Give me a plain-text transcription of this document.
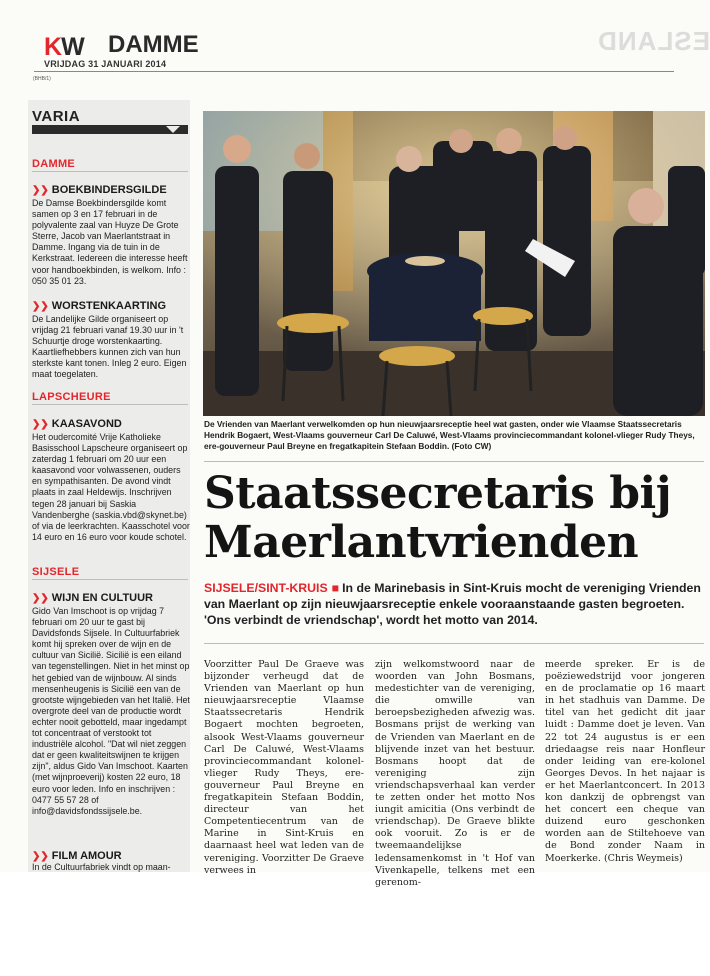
ESLAND
KW DAMME
VRIJDAG 31 JANUARI 2014
(BHB/1)
VARIA
DAMME
❯❯ BOEKBINDERSGILDE
De Damse Boekbindersgilde komt samen op 3 en 17 februari in de polyvalente zaal van Huyze De Grote Sterre, Jacob van Maerlantstraat in Damme. Ingang via de tuin in de Kerkstraat. Iedereen die interesse heeft voor handboekbinden, is welkom. Info : 050 35 01 23.
❯❯ WORSTENKAARTING
De Landelijke Gilde organiseert op vrijdag 21 februari vanaf 19.30 uur in 't Schuurtje droge worstenkaarting. Kaartliefhebbers kunnen zich van hun sterkste kant tonen. Inleg 2 euro. Eigen maat toegelaten.
LAPSCHEURE
❯❯ KAASAVOND
Het oudercomité Vrije Katholieke Basisschool Lapscheure organiseert op zaterdag 1 februari om 20 uur een kaasavond voor volwassenen, ouders en sympathisanten. De avond vindt plaats in zaal Heldewijs. Inschrijven tegen 28 januari bij Saskia Vandenberghe (saskia.vbd@skynet.be) of via de leerkrachten. Kaasschotel voor 14 euro en 16 euro voor koude schotel.
SIJSELE
❯❯ WIJN EN CULTUUR
Gido Van Imschoot is op vrijdag 7 februari om 20 uur te gast bij Davidsfonds Sijsele. In Cultuurfabriek komt hij spreken over de wijn en de cultuur van Sicilië. Sicilië is een eiland van tegenstellingen. Niet in het minst op het gebied van de wijnbouw. Al sinds mensenheugenis is Sicilië een van de grootste wijngebieden van het Italië. Het overgrote deel van de productie wordt echter nooit gebotteld, maar ingedampt tot concentraat of verstookt tot industriële alcohol. "Dat wil niet zeggen dat er geen kwaliteitswijnen te krijgen zijn", aldus Gido Van Imschoot. Kaarten (met wijnproeverij) kosten 22 euro, 18 euro voor leden. Info en inschrijven : 0477 55 57 28 of info@davidsfondssijsele.be.
❯❯ FILM AMOUR
In de Cultuurfabriek vindt op maan-
De Vrienden van Maerlant verwelkomden op hun nieuwjaarsreceptie heel wat gasten, onder wie Vlaamse Staatssecretaris Hendrik Bogaert, West-Vlaams gouverneur Carl De Caluwé, West-Vlaams provinciecommandant kolonel-vlieger Rudy Theys, ere-gouverneur Paul Breyne en fregatkapitein Stefaan Boddin. (Foto CW)
Staatssecretaris bij
Maerlantvrienden
SIJSELE/SINT-KRUIS ■ In de Marinebasis in Sint-Kruis mocht de vereniging Vrienden van Maerlant op zijn nieuwjaarsreceptie enkele vooraanstaande gasten begroeten. 'Ons verbindt de vriendschap', wordt het motto van 2014.
Voorzitter Paul De Graeve was bijzonder verheugd dat de Vrienden van Maerlant op hun nieuwjaarsreceptie Vlaamse Staatssecretaris Hendrik Bogaert mochten begroeten, alsook West-Vlaams gouverneur Carl De Caluwé, West-Vlaams provinciecommandant kolonel-vlieger Rudy Theys, ere-gouverneur Paul Breyne en fregatkapitein Stefaan Boddin, directeur van het Competentiecentrum van de Marine in Sint-Kruis en daarnaast heel wat leden van de vereniging. Voorzitter De Graeve verwees in
zijn welkomstwoord naar de woorden van John Bosmans, medestichter van de vereniging, die omwille van beroepsbezigheden afwezig was. Bosmans prijst de werking van de Vrienden van Maerlant en de blijvende inzet van het bestuur. Bosmans hoopt dat de vereniging zijn vriendschapsverhaal kan verder te zetten onder het motto Nos iungit amicitia (Ons verbindt de vriendschap). De Graeve blikte ook vooruit. Zo is er de tweemaandelijkse ledensamenkomst in 't Hof van Vivenkapelle, telkens met een gerenom-
meerde spreker. Er is de poëziewedstrijd voor jongeren en de proclamatie op 16 maart in het stadhuis van Damme. De titel van het gedicht dit jaar luidt : Damme doet je leven. Van 22 tot 24 augustus is er een driedaagse reis naar Honfleur onder leiding van ere-kolonel Georges Devos. In het najaar is er het Maerlantconcert. In 2013 kon dankzij de opbrengst van het concert een cheque van duizend euro geschonken worden aan de Stiltehoeve van de Bond zonder Naam in Moerkerke. (Chris Weymeis)
